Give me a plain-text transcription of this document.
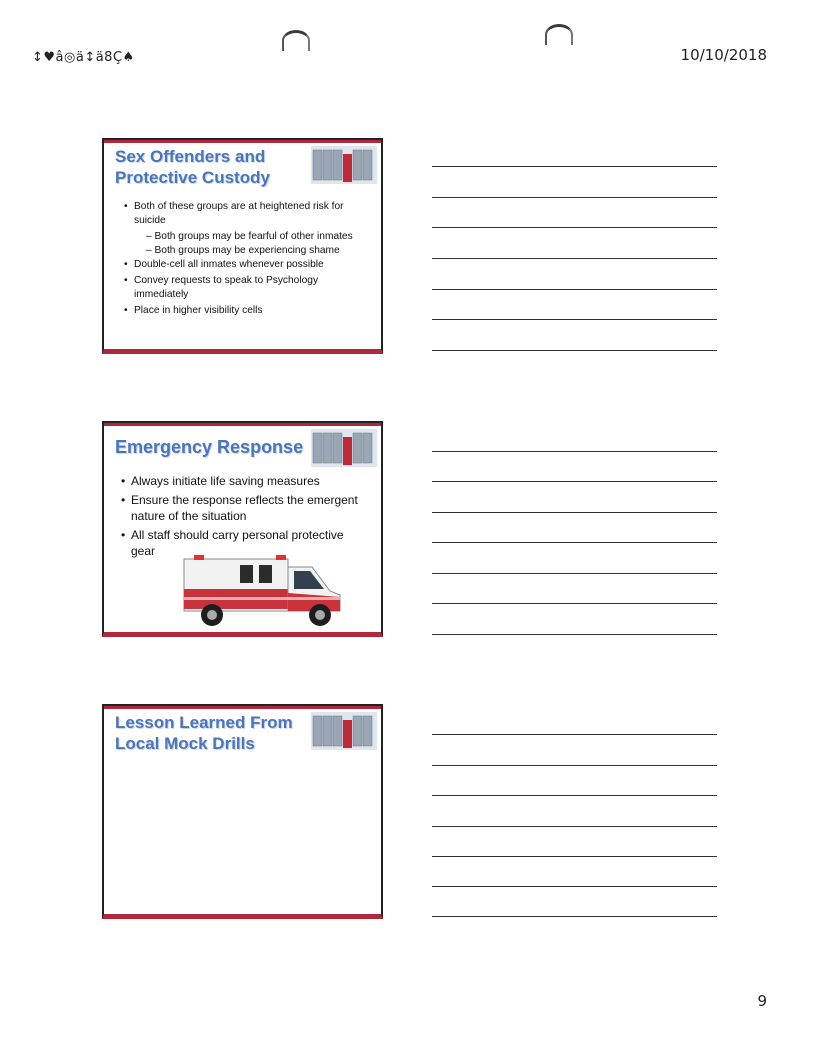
↕♥â◎ä↕ä8Ç♠	10/10/2018
Sex Offenders and Protective Custody
• Both of these groups are at heightened risk for suicide
– Both groups may be fearful of other inmates
– Both groups may be experiencing shame
• Double-cell all inmates whenever possible
• Convey requests to speak to Psychology immediately
• Place in higher visibility cells
Emergency Response
• Always initiate life saving measures
• Ensure the response reflects the emergent nature of the situation
• All staff should carry personal protective gear
Lesson Learned From Local Mock Drills
9
